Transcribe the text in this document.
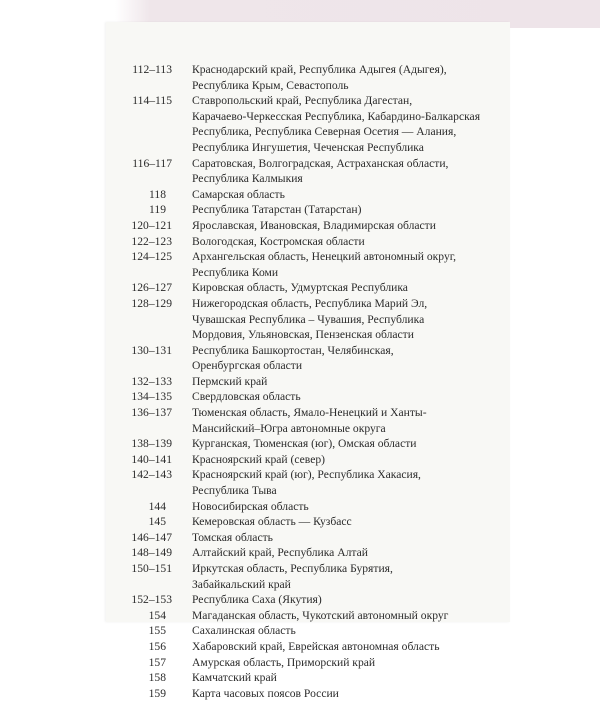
112–113 Краснодарский край, Республика Адыгея (Адыгея),
Республика Крым, Севастополь
114–115 Ставропольский край, Республика Дагестан,
Карачаево-Черкесская Республика, Кабардино-Балкарская
Республика, Республика Северная Осетия — Алания,
Республика Ингушетия, Чеченская Республика
116–117 Саратовская, Волгоградская, Астраханская области,
Республика Калмыкия
118	Самарская область
119	Республика Татарстан (Татарстан)
120–121 Ярославская, Ивановская, Владимирская области
122–123 Вологодская, Костромская области
124–125 Архангельская область, Ненецкий автономный округ,
Республика Коми
126–127 Кировская область, Удмуртская Республика
128–129 Нижегородская область, Республика Марий Эл,
Чувашская Республика – Чувашия, Республика
Мордовия, Ульяновская, Пензенская области
130–131 Республика Башкортостан, Челябинская,
Оренбургская области
132–133 Пермский край
134–135 Свердловская область
136–137 Тюменская область, Ямало-Ненецкий и Ханты-
Мансийский–Югра автономные округа
138–139 Курганская, Тюменская (юг), Омская области
140–141 Красноярский край (север)
142–143 Красноярский край (юг), Республика Хакасия,
Республика Тыва
144	Новосибирская область
145	Кемеровская область — Кузбасс
146–147 Томская область
148–149 Алтайский край, Республика Алтай
150–151 Иркутская область, Республика Бурятия,
Забайкальский край
152–153 Республика Саха (Якутия)
154	Магаданская область, Чукотский автономный округ
155	Сахалинская область
156	Хабаровский край, Еврейская автономная область
157	Амурская область, Приморский край
158	Камчатский край
159	Карта часовых поясов России
